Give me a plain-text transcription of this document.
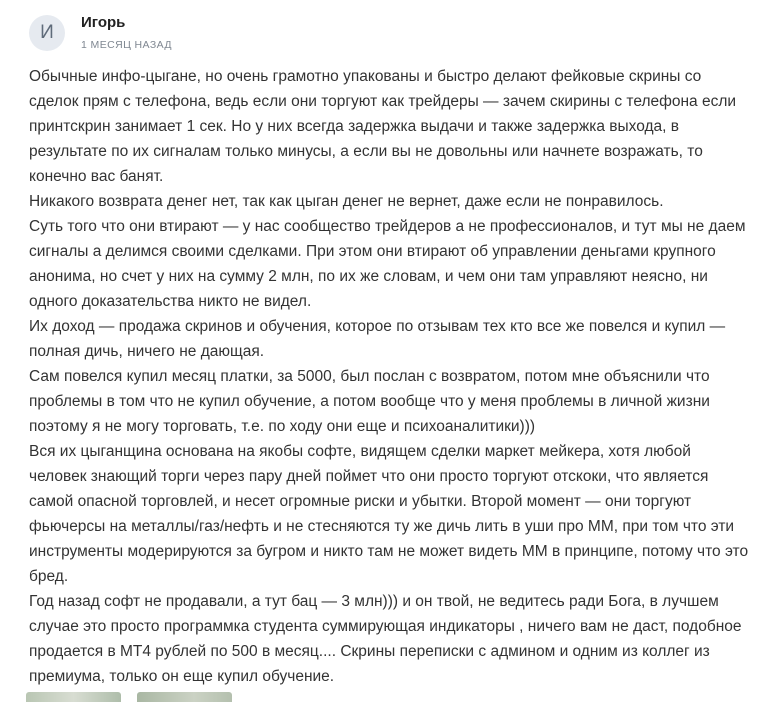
И	Игорь
1 МЕСЯЦ НАЗАД

Обычные инфо-цыгане, но очень грамотно упакованы и быстро делают фейковые скрины со сделок прям с телефона, ведь если они торгуют как трейдеры — зачем скирины с телефона если принтскрин занимает 1 сек. Но у них всегда задержка выдачи и также задержка выхода, в результате по их сигналам только минусы, а если вы не довольны или начнете возражать, то конечно вас банят.

Никакого возврата денег нет, так как цыган денег не вернет, даже если не понравилось.

Суть того что они втирают — у нас сообщество трейдеров а не профессионалов, и тут мы не даем сигналы а делимся своими сделками. При этом они втирают об управлении деньгами крупного анонима, но счет у них на сумму 2 млн, по их же словам, и чем они там управляют неясно, ни одного доказательства никто не видел.

Их доход — продажа скринов и обучения, которое по отзывам тех кто все же повелся и купил — полная дичь, ничего не дающая.

Сам повелся купил месяц платки, за 5000, был послан с возвратом, потом мне объяснили что проблемы в том что не купил обучение, а потом вообще что у меня проблемы в личной жизни поэтому я не могу торговать, т.е. по ходу они еще и психоаналитики)))

Вся их цыганщина основана на якобы софте, видящем сделки маркет мейкера, хотя любой человек знающий торги через пару дней поймет что они просто торгуют отскоки, что является самой опасной торговлей, и несет огромные риски и убытки. Второй момент — они торгуют фьючерсы на металлы/газ/нефть и не стесняются ту же дичь лить в уши про ММ, при том что эти инструменты модерируются за бугром и никто там не может видеть ММ в принципе, потому что это бред.

Год назад софт не продавали, а тут бац — 3 млн))) и он твой, не ведитесь ради Бога, в лучшем случае это просто программка студента суммирующая индикаторы , ничего вам не даст, подобное продается в МТ4 рублей по 500 в месяц.... Скрины переписки с админом и одним из коллег из премиума, только он еще купил обучение.
